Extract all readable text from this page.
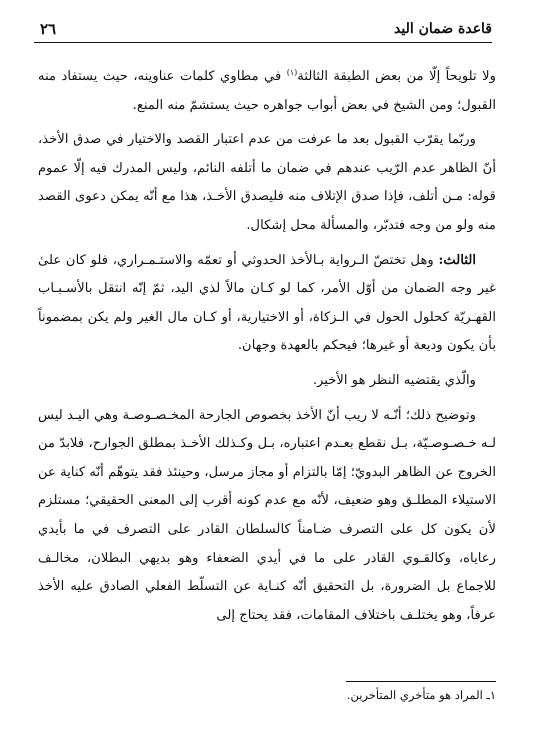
قاعدة ضمان اليد
٢٦

ولا تلويحاً إلّا من بعض الطبقة الثالثة$^{(١)}$ في مطاوي كلمات عناوينه، حيث يستفاد منه القبول؛ ومن الشيخ في بعض أبواب جواهره حيث يستشمّ منه المنع.

وربّما يقرّب القبول بعد ما عرفت من عدم اعتبار القصد والاختيار في صدق الأخذ، أنّ الظاهر عدم الرّيب عندهم في ضمان ما أتلفه النائم، وليس المدرك فيه إلّا عموم قوله: مـن أتلف، فإذا صدق الإتلاف منه فليصدق الأخـذ، هذا مع أنّه يمكن دعوى القصد منه ولو من وجه فتدبّر، والمسألة محل إشكال.

الثالث: وهل تختصّ الـرواية بـالأخذ الحدوثي أو تعمّه والاستـمـراري، فلو كان علىٰ غير وجه الضمان من أوّل الأمر، كما لو كـان مالاً لذي اليد، ثمّ إنّه انتقل بالأسـبـاب القهـريّة كحلول الحول في الـزكاة، أو الاختيارية، أو كـان مال الغير ولم يكن بمضموناً بأن يكون وديعة أو غيرها؛ فيحكم بالعهدة وجهان.

والّذي يقتضيه النظر هو الأخير.

وتوضيح ذلك؛ أنّـه لا ريب أنّ الأخذ بخصوص الجارحة المخـصـوصـة وهي اليـد ليس لـه خـصـوصـيّة، بـل نقطع بعـدم اعتباره، بـل وكـذلك الأخـذ بمطلق الجوارح، فلابدّ من الخروج عن الظاهر البدويّ؛ إمّا بالتزام أو مجاز مرسل، وحينئذ فقد يتوهّم أنّه كناية عن الاستيلاء المطلـق وهو ضعيف، لأنّه مع عدم كونه أقرب إلى المعنى الحقيقي؛ مستلزم لأن يكون كل على التصرف ضـامناً كالسلطان القادر على التصرف في ما بأيدي رعاياه، وكالقـوي القادر على ما في أيدي الضعفاء وهو بديهي البطلان، مخالـف للاجماع بل الضرورة، بل التحقيق أنّه كنـاية عن التسلّط الفعلي الصادق عليه الأخذ عرفاً، وهو يختلـف باختلاف المقامات، فقد يحتاج إلى

١ـ المراد هو متأخري المتأخرين.
